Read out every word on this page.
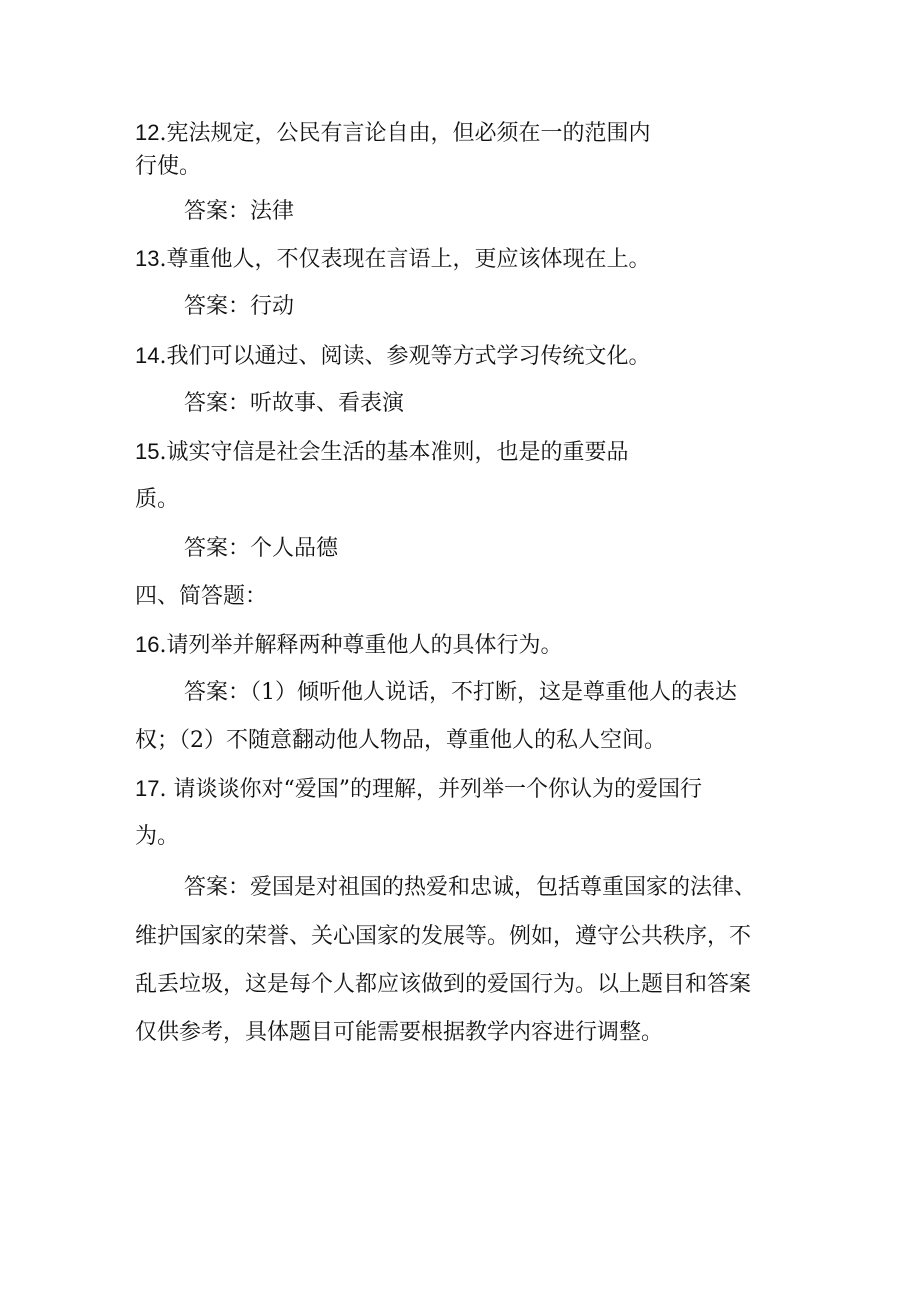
12.宪法规定，公民有言论自由，但必须在一的范围内
行使。
答案：法律
13.尊重他人，不仅表现在言语上，更应该体现在上。
答案：行动
14.我们可以通过、阅读、参观等方式学习传统文化。
答案：听故事、看表演
15.诚实守信是社会生活的基本准则，也是的重要品
质。
答案：个人品德
四、简答题：
16.请列举并解释两种尊重他人的具体行为。
答案：（1）倾听他人说话，不打断，这是尊重他人的表达
权；（2）不随意翻动他人物品，尊重他人的私人空间。
17. 请谈谈你对“爱国”的理解，并列举一个你认为的爱国行
为。
答案：爱国是对祖国的热爱和忠诚，包括尊重国家的法律、
维护国家的荣誉、关心国家的发展等。例如，遵守公共秩序，不
乱丢垃圾，这是每个人都应该做到的爱国行为。以上题目和答案
仅供参考，具体题目可能需要根据教学内容进行调整。
